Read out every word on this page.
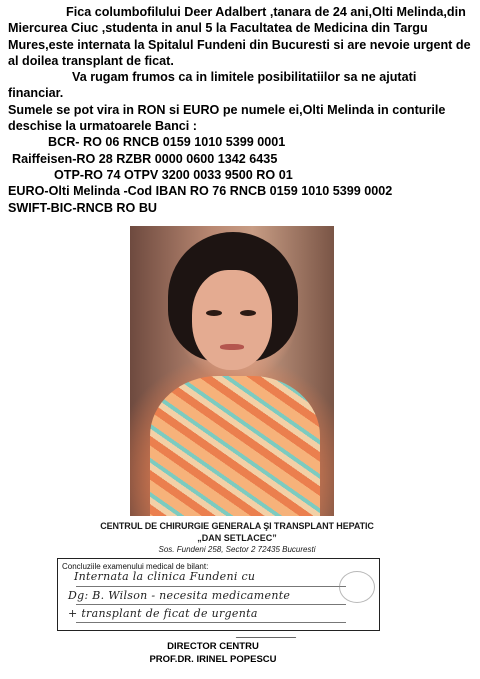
Fica columbofilului Deer Adalbert ,tanara de 24 ani,Olti Melinda,din Miercurea Ciuc ,studenta in anul 5 la Facultatea de Medicina din Targu Mures,este internata la Spitalul Fundeni din Bucuresti si are nevoie urgent de al doilea transplant de ficat.

Va rugam frumos ca in limitele posibilitatiilor sa ne ajutati financiar.

Sumele se pot vira in RON si EURO pe numele ei,Olti Melinda in conturile deschise la urmatoarele Banci :

BCR- RO 06 RNCB 0159 1010 5399 0001

Raiffeisen-RO 28 RZBR 0000 0600 1342 6435

OTP-RO 74 OTPV 3200 0033 9500 RO 01

EURO-Olti Melinda -Cod IBAN RO 76 RNCB 0159 1010 5399 0002

SWIFT-BIC-RNCB RO BU

CENTRUL DE CHIRURGIE GENERALA ŞI TRANSPLANT HEPATIC
„DAN SETLACEC”
Sos. Fundeni 258, Sector 2 72435 Bucuresti
Concluziile examenului medical de bilant:
Internata la clinica Fundeni cu
Dg: B. Wilson - necesita medicamente
+ transplant de ficat de urgenta
DIRECTOR CENTRU
PROF.DR. IRINEL POPESCU
